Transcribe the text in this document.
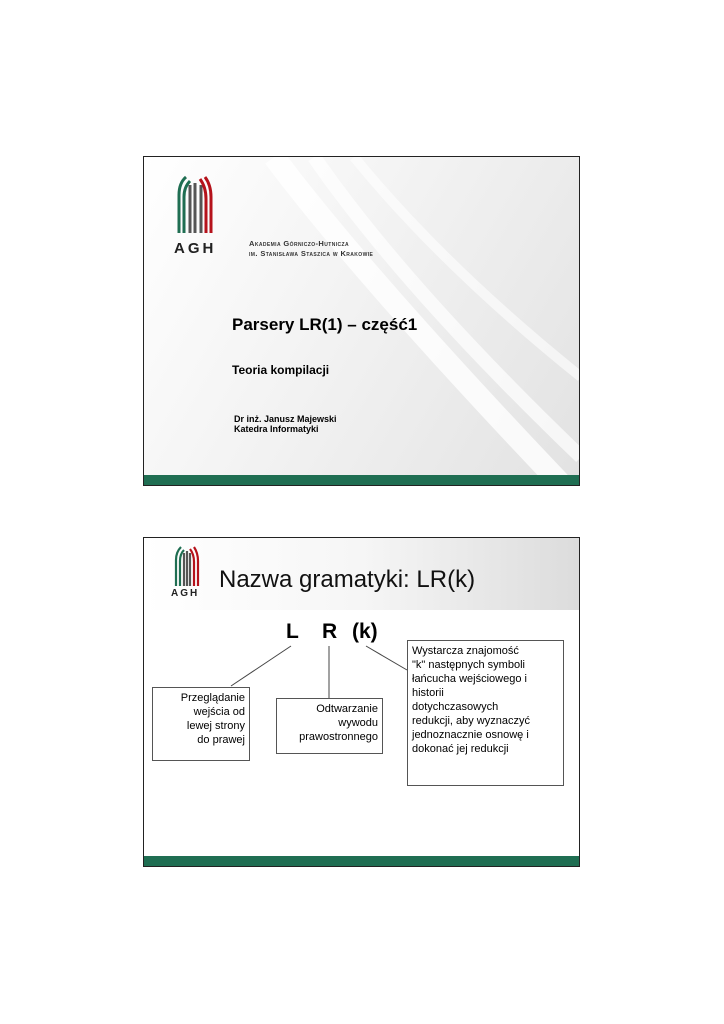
AGH	Akademia Górniczo-Hutnicza
im. Stanisława Staszica w Krakowie
Parsery LR(1) – część1
Teoria kompilacji
Dr inż. Janusz Majewski
Katedra Informatyki
AGH
Nazwa gramatyki: LR(k)
L R (k)
Przeglądanie
wejścia od
lewej strony
do prawej
Odtwarzanie
wywodu
prawostronnego
Wystarcza znajomość
"k" następnych symboli
łańcucha wejściowego i
historii
dotychczasowych
redukcji, aby wyznaczyć
jednoznacznie osnowę i
dokonać jej redukcji
